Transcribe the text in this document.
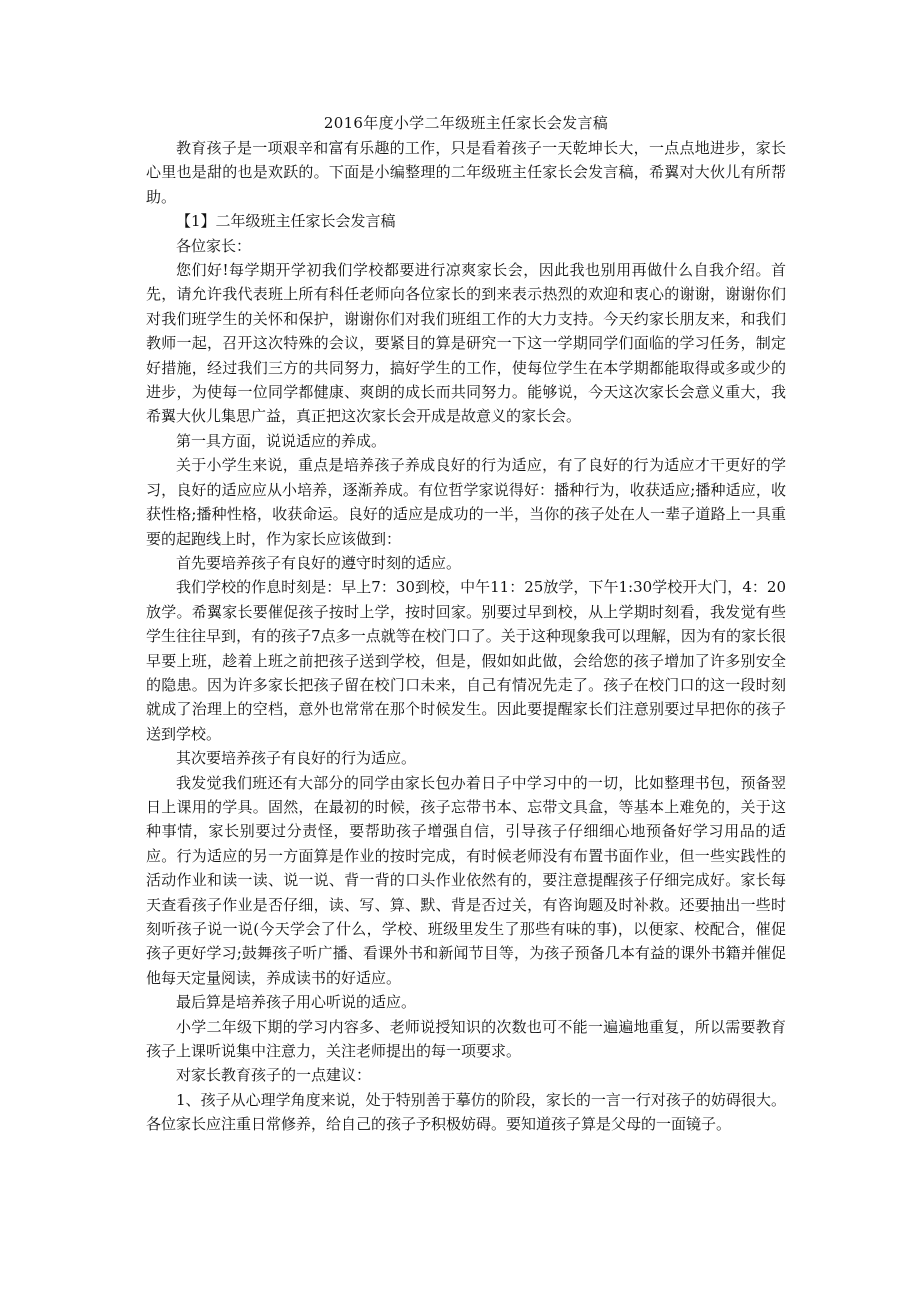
2016年度小学二年级班主任家长会发言稿

教育孩子是一项艰辛和富有乐趣的工作，只是看着孩子一天乾坤长大，一点点地进步，家长心里也是甜的也是欢跃的。下面是小编整理的二年级班主任家长会发言稿，希翼对大伙儿有所帮助。

【1】二年级班主任家长会发言稿

各位家长：

您们好!每学期开学初我们学校都要进行凉爽家长会，因此我也别用再做什么自我介绍。首先，请允许我代表班上所有科任老师向各位家长的到来表示热烈的欢迎和衷心的谢谢，谢谢你们对我们班学生的关怀和保护，谢谢你们对我们班组工作的大力支持。今天约家长朋友来，和我们教师一起，召开这次特殊的会议，要紧目的算是研究一下这一学期同学们面临的学习任务，制定好措施，经过我们三方的共同努力，搞好学生的工作，使每位学生在本学期都能取得或多或少的进步，为使每一位同学都健康、爽朗的成长而共同努力。能够说，今天这次家长会意义重大，我希翼大伙儿集思广益，真正把这次家长会开成是故意义的家长会。

第一具方面，说说适应的养成。

关于小学生来说，重点是培养孩子养成良好的行为适应，有了良好的行为适应才干更好的学习，良好的适应应从小培养，逐渐养成。有位哲学家说得好：播种行为，收获适应;播种适应，收获性格;播种性格，收获命运。良好的适应是成功的一半，当你的孩子处在人一辈子道路上一具重要的起跑线上时，作为家长应该做到：

首先要培养孩子有良好的遵守时刻的适应。

我们学校的作息时刻是：早上7：30到校，中午11：25放学，下午1:30学校开大门，4：20放学。希翼家长要催促孩子按时上学，按时回家。别要过早到校，从上学期时刻看，我发觉有些学生往往早到，有的孩子7点多一点就等在校门口了。关于这种现象我可以理解，因为有的家长很早要上班，趁着上班之前把孩子送到学校，但是，假如如此做，会给您的孩子增加了许多别安全的隐患。因为许多家长把孩子留在校门口未来，自己有情况先走了。孩子在校门口的这一段时刻就成了治理上的空档，意外也常常在那个时候发生。因此要提醒家长们注意别要过早把你的孩子送到学校。

其次要培养孩子有良好的行为适应。

我发觉我们班还有大部分的同学由家长包办着日子中学习中的一切，比如整理书包，预备翌日上课用的学具。固然，在最初的时候，孩子忘带书本、忘带文具盒，等基本上难免的，关于这种事情，家长别要过分责怪，要帮助孩子增强自信，引导孩子仔细细心地预备好学习用品的适应。行为适应的另一方面算是作业的按时完成，有时候老师没有布置书面作业，但一些实践性的活动作业和读一读、说一说、背一背的口头作业依然有的，要注意提醒孩子仔细完成好。家长每天查看孩子作业是否仔细，读、写、算、默、背是否过关，有咨询题及时补救。还要抽出一些时刻听孩子说一说(今天学会了什么，学校、班级里发生了那些有味的事)，以便家、校配合，催促孩子更好学习;鼓舞孩子听广播、看课外书和新闻节目等，为孩子预备几本有益的课外书籍并催促他每天定量阅读，养成读书的好适应。

最后算是培养孩子用心听说的适应。

小学二年级下期的学习内容多、老师说授知识的次数也可不能一遍遍地重复，所以需要教育孩子上课听说集中注意力，关注老师提出的每一项要求。

对家长教育孩子的一点建议：

1、孩子从心理学角度来说，处于特别善于摹仿的阶段，家长的一言一行对孩子的妨碍很大。各位家长应注重日常修养，给自己的孩子予积极妨碍。要知道孩子算是父母的一面镜子。
